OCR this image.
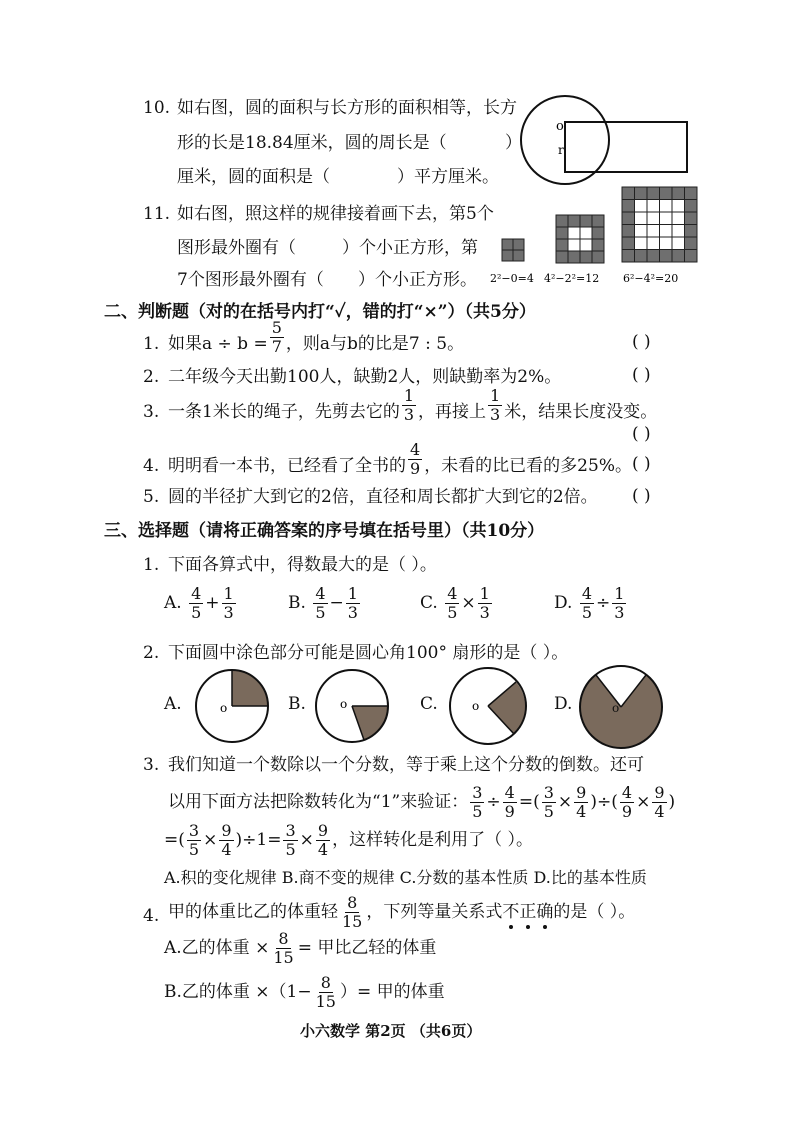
10. 如右图，圆的面积与长方形的面积相等，长方
形的长是18.84厘米，圆的周长是（	）
厘米，圆的面积是（	）平方厘米。
o
r
11. 如右图，照这样的规律接着画下去，第5个
图形最外圈有（	）个小正方形，第
7个图形最外圈有（ ）个小正方形。 2²−0=4 4²−2²=12 6²−4²=20
二、判断题（对的在括号内打“✓，错的打“×”）（共5分）
1. 如果$a \div b = \frac{5}{7}$ ，则a与b的比是7 : 5。	( )
2. 二年级今天出勤100人，缺勤2人，则缺勤率为2%。	( )
3. 一条1米长的绳子，先剪去它的 $\frac{1}{3}$ ，再接上 $\frac{1}{3}$ 米，结果长度没变。
( )
4. 明明看一本书，已经看了全书的 $\frac{4}{9}$ ，未看的比已看的多25%。 ( )
5. 圆的半径扩大到它的2倍，直径和周长都扩大到它的2倍。 ( )
三、选择题（请将正确答案的序号填在括号里）（共10分）
1. 下面各算式中，得数最大的是（ ）。
A. $\frac{4}{5} + \frac{1}{3}$	B. $\frac{4}{5} - \frac{1}{3}$	C. $\frac{4}{5} \times \frac{1}{3}$	D. $\frac{4}{5} \div \frac{1}{3}$
2. 下面圆中涂色部分可能是圆心角100° 扇形的是（ ）。
A.	o	B.	o	C.	o	D.	o
3. 我们知道一个数除以一个分数，等于乘上这个分数的倒数。还可
以用下面方法把除数转化为“1”来验证： $\frac{3}{5} \div \frac{4}{9}$ =( $\frac{3}{5} \times \frac{9}{4}$ )÷( $\frac{4}{9} \times \frac{9}{4}$ )
=( $\frac{3}{5} \times \frac{9}{4} )\div 1= \frac{3}{5} \times \frac{9}{4}$ ，这样转化是利用了（ ）。
A.积的变化规律 B.商不变的规律 C.分数的基本性质 D.比的基本性质
4. 甲的体重比乙的体重轻 $\frac{8}{15}$ ，下列等量关系式不正确的是（ ）。
A.乙的体重 × $\frac{8}{15}$ = 甲比乙轻的体重
B.乙的体重 $\times(1- \frac{8}{15}$ ）= 甲的体重
小六数学 第2页 （共6页）
